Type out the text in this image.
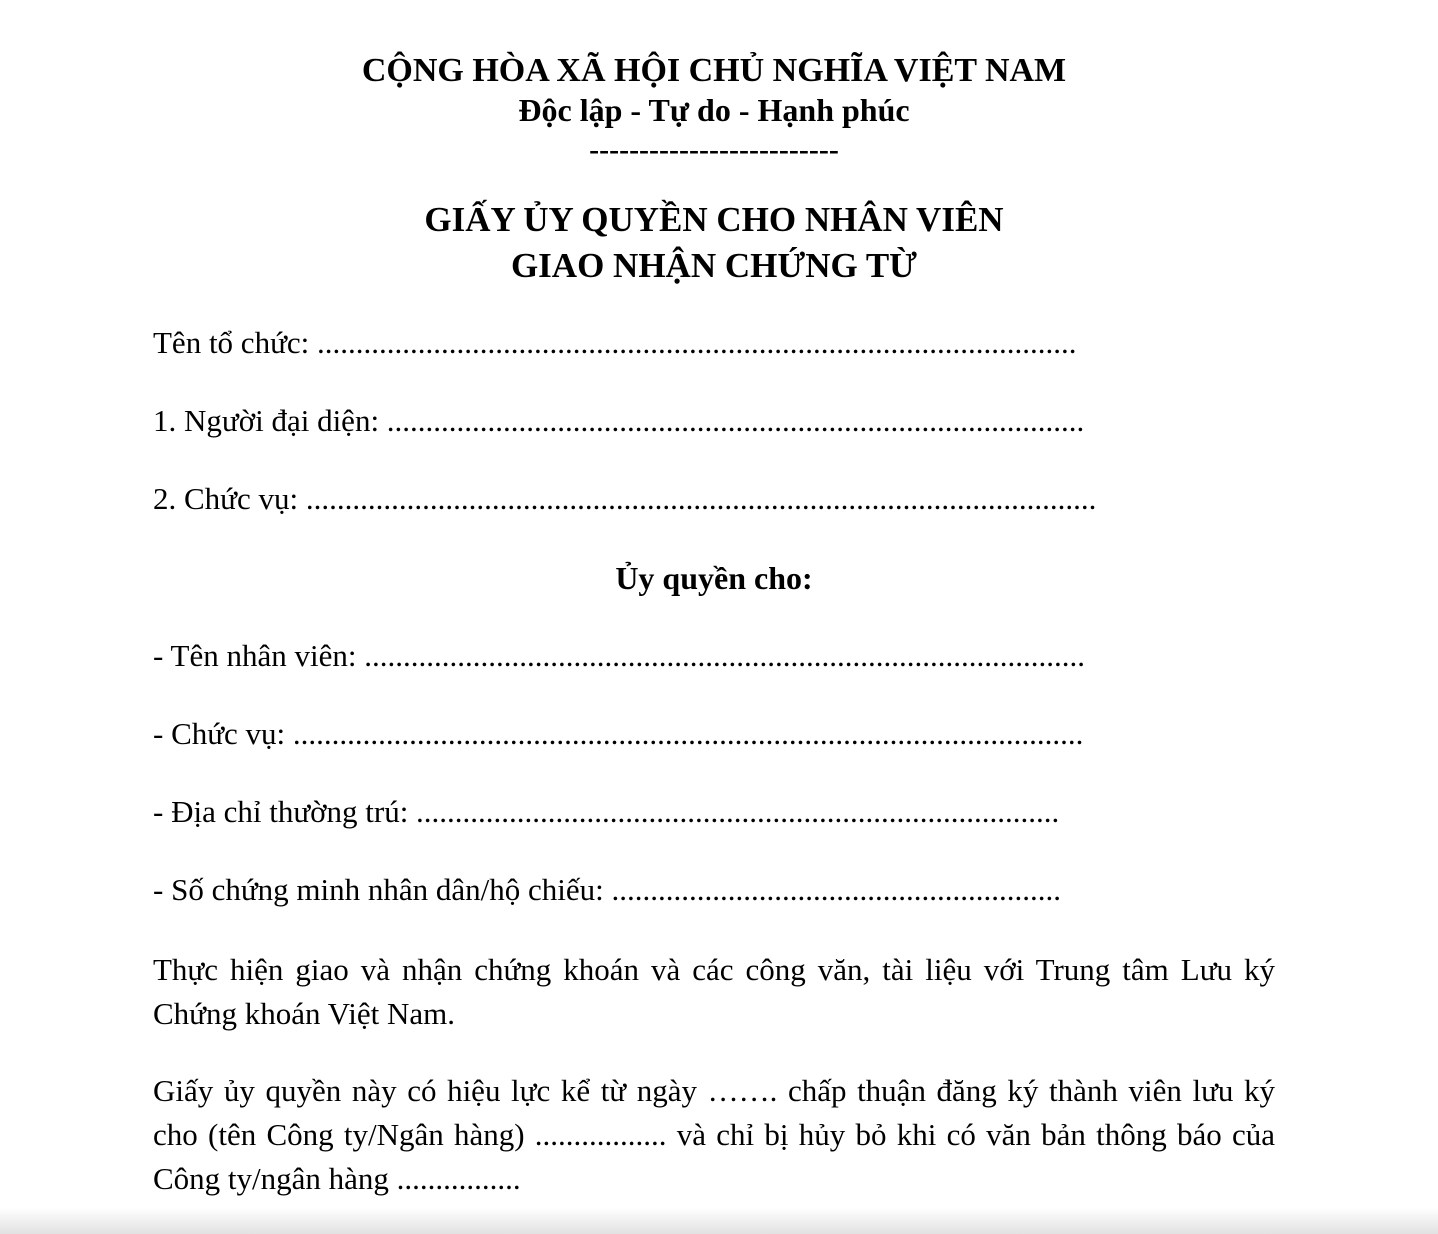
CỘNG HÒA XÃ HỘI CHỦ NGHĨA VIỆT NAM
Độc lập - Tự do - Hạnh phúc
-------------------------
GIẤY ỦY QUYỀN CHO NHÂN VIÊN
GIAO NHẬN CHỨNG TỪ
Tên tổ chức: ..................................................................................................
1. Người đại diện: ..........................................................................................
2. Chức vụ: ......................................................................................................
Ủy quyền cho:
- Tên nhân viên: .............................................................................................
- Chức vụ: ......................................................................................................
- Địa chỉ thường trú: ...................................................................................
- Số chứng minh nhân dân/hộ chiếu: ..........................................................
Thực hiện giao và nhận chứng khoán và các công văn, tài liệu với Trung tâm Lưu ký Chứng khoán Việt Nam.
Giấy ủy quyền này có hiệu lực kể từ ngày ……. chấp thuận đăng ký thành viên lưu ký cho (tên Công ty/Ngân hàng) ................. và chỉ bị hủy bỏ khi có văn bản thông báo của Công ty/ngân hàng ................
